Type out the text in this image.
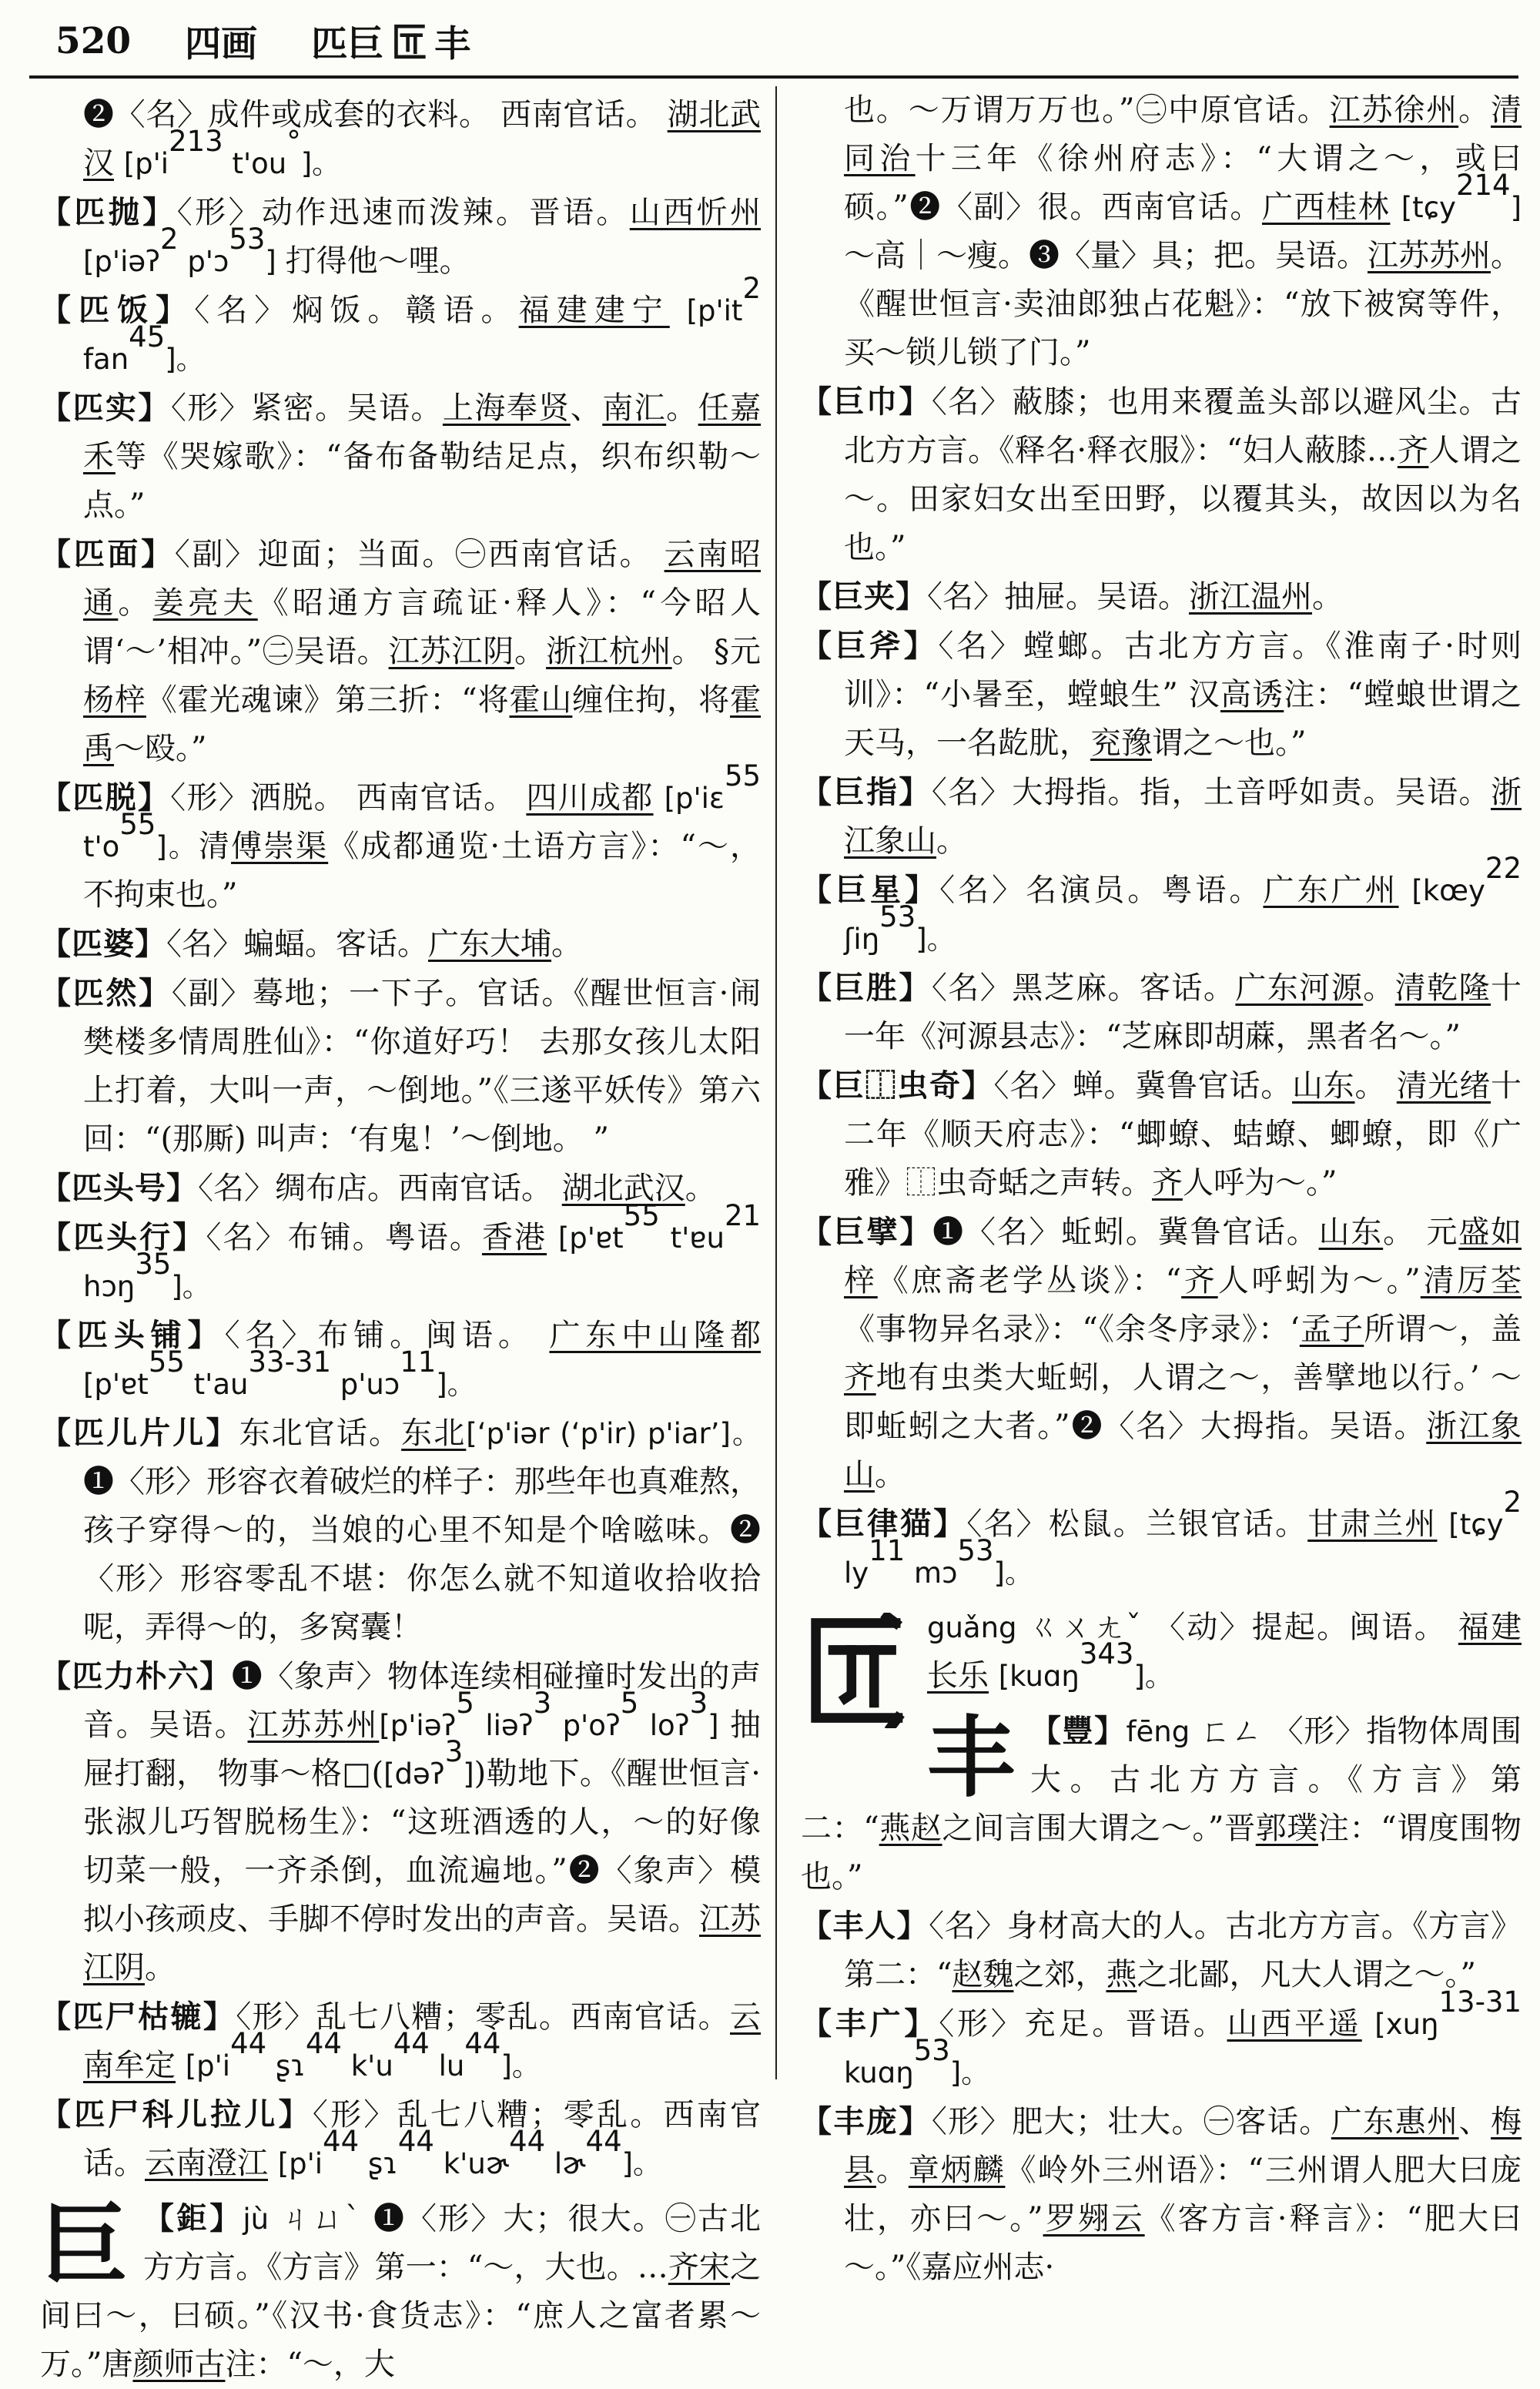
520 四画 匹巨 丰

❷〈名〉成件或成套的衣料。 西南官话。 湖北武汉 [$p'i^{213}$ t'ou°]。

【匹抛】〈形〉动作迅速而泼辣。晋语。山西忻州 [p'iəʔ$^2$ p'ɔ$^{53}$] 打得他～哩。

【匹饭】〈名〉焖饭。赣语。福建建宁 [$p'it^2$ fan$^{45}$]。

【匹实】〈形〉紧密。吴语。上海奉贤、南汇。任嘉禾等《哭嫁歌》：“备布备勒结足点，织布织勒～点。”

【匹面】〈副〉迎面；当面。㊀西南官话。 云南昭通。姜亮夫《昭通方言疏证·释人》：“今昭人谓‘～’相冲。”㊁吴语。江苏江阴。浙江杭州。 §元杨梓《霍光魂谏》第三折：“将霍山缠住拘，将霍禹～殴。”

【匹脱】〈形〉洒脱。 西南官话。 四川成都 [p'iɛ$^{55}$ $t'o^{55}$]。清傅崇渠《成都通览·土语方言》：“～， 不拘束也。”

【匹婆】〈名〉蝙蝠。客话。广东大埔。

【匹然】〈副〉蓦地；一下子。官话。《醒世恒言·闹樊楼多情周胜仙》：“你道好巧！ 去那女孩儿太阳上打着，大叫一声，～倒地。”《三遂平妖传》第六回：“(那厮) 叫声：‘有鬼！’～倒地。 ”

【匹头号】〈名〉绸布店。西南官话。 湖北武汉。

【匹头行】〈名〉布铺。粤语。香港 [p'ɐt$^{55}$ t'ɐu$^{21}$ hɔŋ$^{35}$]。

【匹头铺】〈名〉布铺。闽语。 广东中山隆都 [p'ɐt$^{55}$ $t'au^{33-31}$ p'uɔ$^{11}$]。

【匹儿片儿】东北官话。东北[ʻp'iər (ʻp'ir) p'iarʼ]。❶〈形〉形容衣着破烂的样子：那些年也真难熬， 孩子穿得～的，当娘的心里不知是个啥嗞味。❷〈形〉形容零乱不堪：你怎么就不知道收拾收拾呢，弄得～的，多窝囊！

【匹力朴六】❶〈象声〉物体连续相碰撞时发出的声音。吴语。江苏苏州[p'iəʔ$^5$ liəʔ$^3$ p'oʔ$^5$ loʔ$^3$] 抽屉打翻， 物事～格□([dəʔ$^3$])勒地下。《醒世恒言·张淑儿巧智脱杨生》：“这班酒透的人，～的好像切菜一般，一齐杀倒，血流遍地。”❷〈象声〉模拟小孩顽皮、手脚不停时发出的声音。吴语。江苏江阴。

【匹尸枯辘】〈形〉乱七八糟；零乱。西南官话。云南牟定 [$p'i^{44}$ ʂɿ$^{44}$ $k'u^{44}$ $lu^{44}$]。

【匹尸科儿拉儿】〈形〉乱七八糟；零乱。西南官话。云南澄江 [$p'i^{44}$ ʂɿ$^{44}$ k'uɚ$^{44}$ lɚ$^{44}$]。

巨 【鉅】jù ㄐㄩˋ ❶〈形〉大；很大。㊀古北方方言。《方言》第一：“～，大也。…齐宋之间曰～，曰硕。”《汉书·食货志》：“庶人之富者累～万。”唐颜师古注：“～，大

也。～万谓万万也。”㊁中原官话。江苏徐州。清同治十三年《徐州府志》：“大谓之～，或曰硕。”❷〈副〉很。西南官话。广西桂林 [tɕy$^{214}$] ～高｜～瘦。❸〈量〉具；把。吴语。江苏苏州。《醒世恒言·卖油郎独占花魁》：“放下被窝等件，买～锁儿锁了门。”

【巨巾】〈名〉蔽膝；也用来覆盖头部以避风尘。古北方方言。《释名·释衣服》：“妇人蔽膝…齐人谓之～。田家妇女出至田野，以覆其头，故因以为名也。”

【巨夹】〈名〉抽屉。吴语。浙江温州。

【巨斧】〈名〉螳螂。古北方方言。《淮南子·时则训》：“小暑至，螳蜋生” 汉高诱注：“螳蜋世谓之天马，一名龁肬，兖豫谓之～也。”

【巨指】〈名〉大拇指。指，土音呼如责。吴语。浙江象山。

【巨星】〈名〉名演员。粤语。广东广州 [kœy$^{22}$ ʃiŋ$^{53}$]。

【巨胜】〈名〉黑芝麻。客话。广东河源。清乾隆十一年《河源县志》：“芝麻即胡蔴，黑者名～。”

【巨⿰虫奇】〈名〉蝉。冀鲁官话。山东。 清光绪十二年《顺天府志》：“蝍蟟、蛣蟟、蝍蟟，即《广雅》⿰虫奇蛞之声转。齐人呼为～。”

【巨擘】❶〈名〉蚯蚓。冀鲁官话。山东。 元盛如梓《庶斋老学丛谈》：“齐人呼蚓为～。”清厉荃《事物异名录》：“《余冬序录》：‘孟子所谓～，盖齐地有虫类大蚯蚓，人谓之～，善擘地以行。’ ～即蚯蚓之大者。”❷〈名〉大拇指。吴语。浙江象山。

【巨律猫】〈名〉松鼠。兰银官话。甘肃兰州 [tɕy$^2$ $ly^{11}$ mɔ$^{53}$]。

guǎng ㄍㄨㄤˇ 〈动〉提起。闽语。 福建长乐 [kuɑŋ$^{343}$]。

丰 【豐】fēng ㄈㄥ 〈形〉指物体周围大。古北方方言。《方言》第二：“燕赵之间言围大谓之～。”晋郭璞注：“谓度围物也。”

【丰人】〈名〉身材高大的人。古北方方言。《方言》第二：“赵魏之郊，燕之北鄙，凡大人谓之～。”

【丰广】〈形〉充足。晋语。山西平遥 [xuŋ$^{13-31}$ kuɑŋ$^{53}$]。

【丰庞】〈形〉肥大；壮大。㊀客话。广东惠州、梅县。章炳麟《岭外三州语》：“三州谓人肥大曰庞壮，亦曰～。”罗翙云《客方言·释言》：“肥大曰～。”《嘉应州志·
